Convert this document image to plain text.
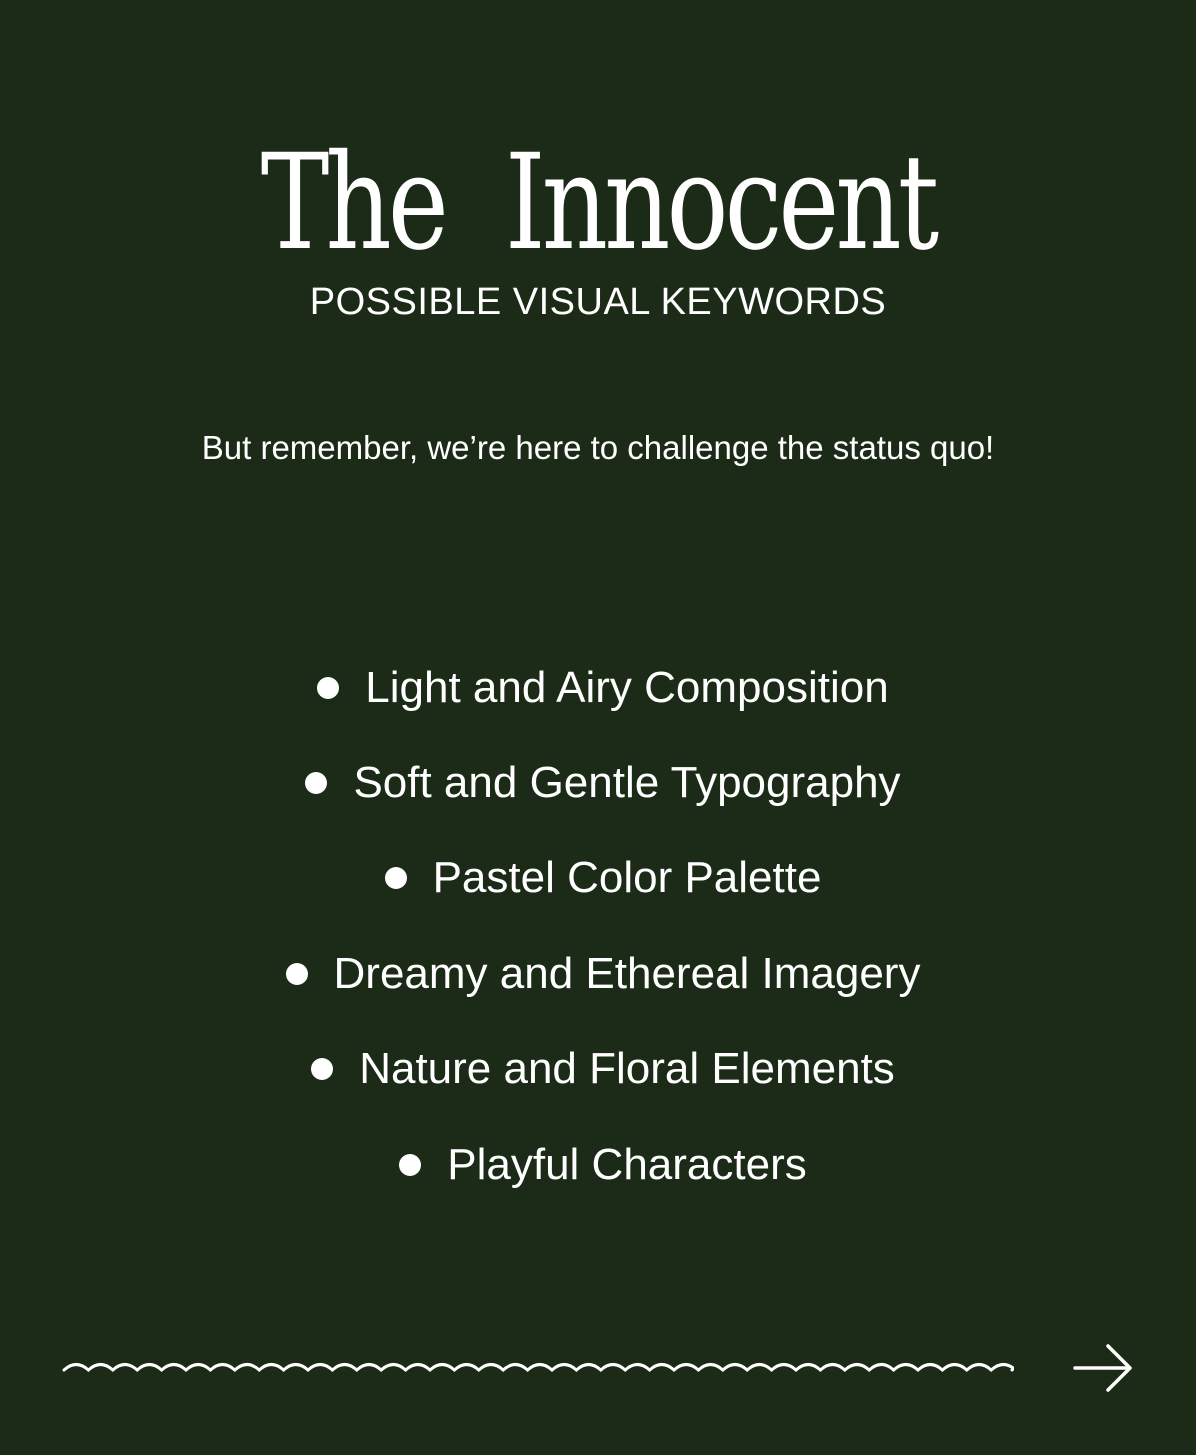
The Innocent
POSSIBLE VISUAL KEYWORDS
But remember, we’re here to challenge the status quo!
Light and Airy Composition
Soft and Gentle Typography
Pastel Color Palette
Dreamy and Ethereal Imagery
Nature and Floral Elements
Playful Characters
